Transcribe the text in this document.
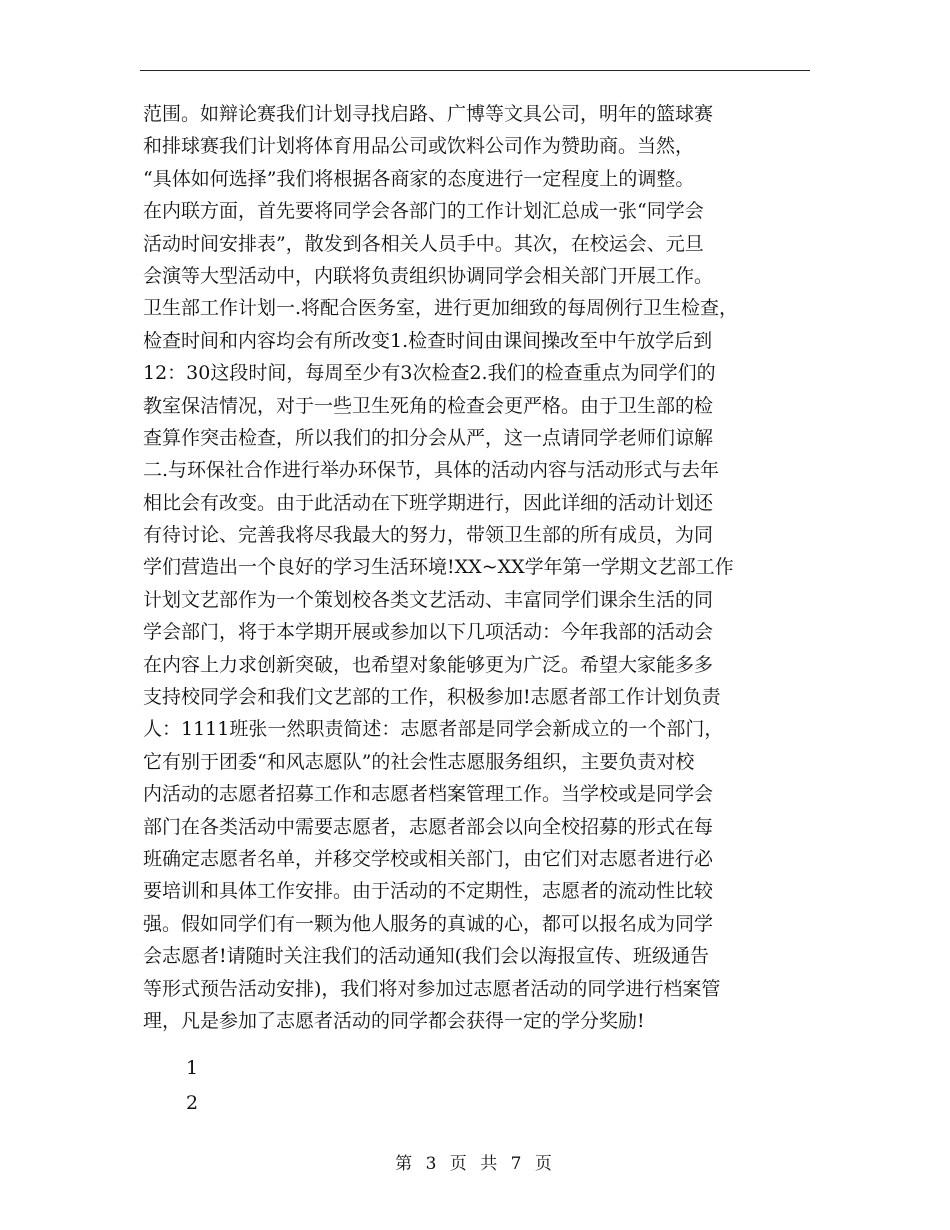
范围。如辩论赛我们计划寻找启路、广博等文具公司，明年的篮球赛
和排球赛我们计划将体育用品公司或饮料公司作为赞助商。当然，
“具体如何选择”我们将根据各商家的态度进行一定程度上的调整。
在内联方面，首先要将同学会各部门的工作计划汇总成一张“同学会
活动时间安排表”，散发到各相关人员手中。其次，在校运会、元旦
会演等大型活动中，内联将负责组织协调同学会相关部门开展工作。
卫生部工作计划一.将配合医务室，进行更加细致的每周例行卫生检查，
检查时间和内容均会有所改变1.检查时间由课间操改至中午放学后到
12：30这段时间，每周至少有3次检查2.我们的检查重点为同学们的
教室保洁情况，对于一些卫生死角的检查会更严格。由于卫生部的检
查算作突击检查，所以我们的扣分会从严，这一点请同学老师们谅解
二.与环保社合作进行举办环保节，具体的活动内容与活动形式与去年
相比会有改变。由于此活动在下班学期进行，因此详细的活动计划还
有待讨论、完善我将尽我最大的努力，带领卫生部的所有成员，为同
学们营造出一个良好的学习生活环境!XX~XX学年第一学期文艺部工作
计划文艺部作为一个策划校各类文艺活动、丰富同学们课余生活的同
学会部门，将于本学期开展或参加以下几项活动：今年我部的活动会
在内容上力求创新突破，也希望对象能够更为广泛。希望大家能多多
支持校同学会和我们文艺部的工作，积极参加!志愿者部工作计划负责
人：1111班张一然职责简述：志愿者部是同学会新成立的一个部门，
它有别于团委“和风志愿队”的社会性志愿服务组织，主要负责对校
内活动的志愿者招募工作和志愿者档案管理工作。当学校或是同学会
部门在各类活动中需要志愿者，志愿者部会以向全校招募的形式在每
班确定志愿者名单，并移交学校或相关部门，由它们对志愿者进行必
要培训和具体工作安排。由于活动的不定期性，志愿者的流动性比较
强。假如同学们有一颗为他人服务的真诚的心，都可以报名成为同学
会志愿者!请随时关注我们的活动通知(我们会以海报宣传、班级通告
等形式预告活动安排)，我们将对参加过志愿者活动的同学进行档案管
理，凡是参加了志愿者活动的同学都会获得一定的学分奖励!
1
2
第 3 页 共 7 页
